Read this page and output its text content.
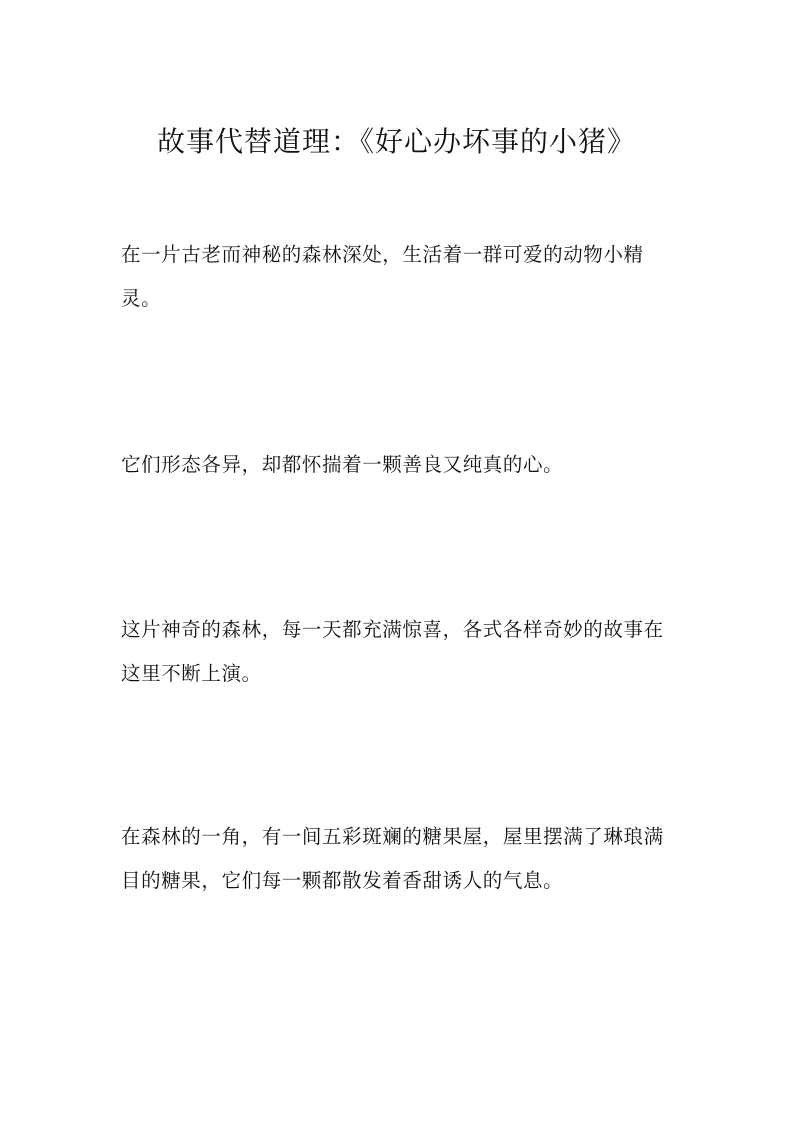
故事代替道理：《好心办坏事的小猪》

在一片古老而神秘的森林深处，生活着一群可爱的动物小精灵。

它们形态各异，却都怀揣着一颗善良又纯真的心。

这片神奇的森林，每一天都充满惊喜，各式各样奇妙的故事在这里不断上演。

在森林的一角，有一间五彩斑斓的糖果屋，屋里摆满了琳琅满目的糖果，它们每一颗都散发着香甜诱人的气息。
